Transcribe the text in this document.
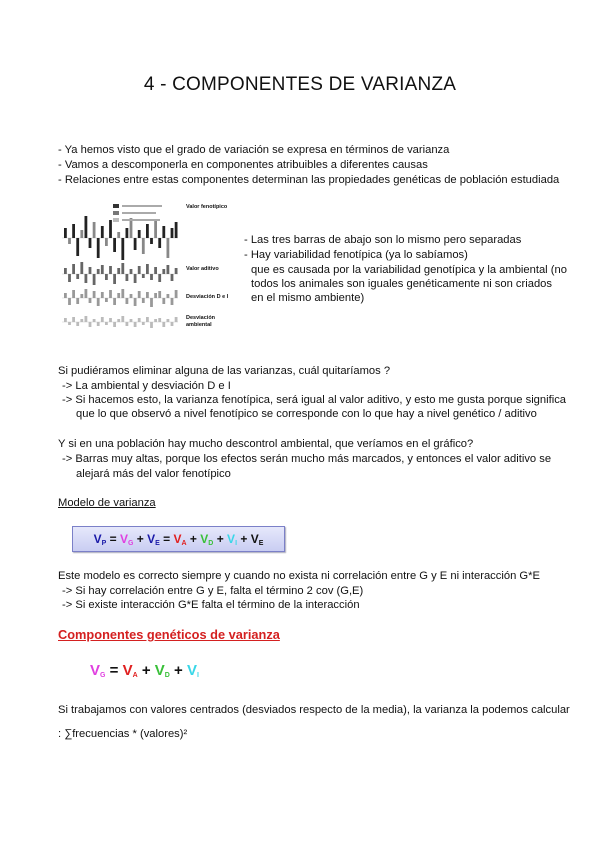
4 - COMPONENTES DE VARIANZA
- Ya hemos visto que el grado de variación se expresa en términos de varianza
- Vamos a descomponerla en componentes atribuibles a diferentes causas
- Relaciones entre estas componentes determinan las propiedades genéticas de población estudiada
Valor fenotípico
Valor aditivo
Desviación D e I
Desviación
ambiental
- Las tres barras de abajo son lo mismo pero separadas
- Hay variabilidad fenotípica (ya lo sabíamos)
que es causada por la variabilidad genotípica y la ambiental (no
todos los animales son iguales genéticamente ni son criados
en el mismo ambiente)
Si pudiéramos eliminar alguna de las varianzas, cuál quitaríamos ?
-> La ambiental y desviación D e I
-> Si hacemos esto, la varianza fenotípica, será igual al valor aditivo, y esto me gusta porque significa
que lo que observó a nivel fenotípico se corresponde con lo que hay a nivel genético / aditivo
Y si en una población hay mucho descontrol ambiental, que veríamos en el gráfico?
-> Barras muy altas, porque los efectos serán mucho más marcados, y entonces el valor aditivo se
alejará más del valor fenotípico
Modelo de varianza
$V_P = V_G + V_E = V_A + V_D + V_I + V_E$
Este modelo es correcto siempre y cuando no exista ni correlación entre G y E ni interacción G*E
-> Si hay correlación entre G y E, falta el término 2 cov (G,E)
-> Si existe interacción G*E falta el término de la interacción
Componentes genéticos de varianza
$V_G = V_A + V_D + V_I$
Si trabajamos con valores centrados (desviados respecto de la media), la varianza la podemos calcular
: ∑frecuencias * (valores)²
